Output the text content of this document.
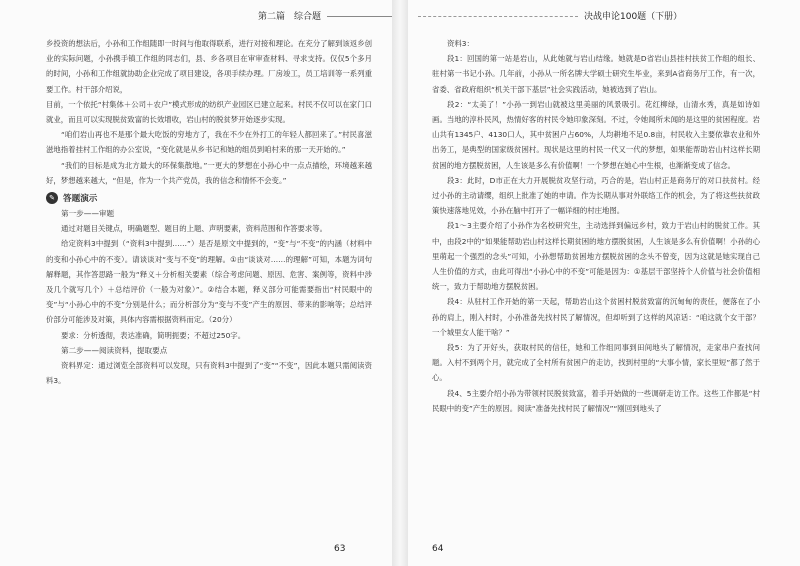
第二篇　综合题

乡投资的想法后，小孙和工作组随即一时间与他取得联系，进行对接和理论。在充分了解到该返乡创业的实际问题，小孙携手镇工作组的同志们，县、乡各项目在审审查材料、寻求支持。仅仅5个多月的时间，小孙和工作组就协助企业完成了项目建设，各项手续办理。厂房竣工，员工培训等一系列重要工作。村干部介绍说，

目前，一个依托“村集体＋公司＋农户”模式形成的纺织产业园区已建立起来。村民不仅可以在家门口就业，而且可以实现脱贫致富的长效增收，岩山村的脱贫梦开始逐步实现。

“咱们岩山再也不是那个最大吃饭的穷地方了，我在不少在外打工的年轻人都回来了。”村民喜滋滋地指着挂村工作组的办公室说，“变化就是从乡书记和她的组员到咱村来的那一天开始的。”

“我们的目标是成为北方最大的环保集散地。”一更大的梦想在小孙心中一点点描绘，环境越来越好，梦想越来越大，“但是，作为一个共产党员，我的信念和情怀不会变。”

✎ 答题演示

第一步——审题

通过对题目关键点，明确题型、题目的上题、声明要素，资料范围和作答要求等。

给定资料3中提到（“资料3中提到……”）是否是原文中提到的，“变”与“不变”的内涵（材料中的变和小孙心中的不变）。请谈谈对“变与不变”的理解。①由“谈谈对……的理解”可知，本题为词句解释题，其作答思路一般为“释义＋分析相关要素（综合考虑问题、原因、危害、案例等，资料中涉及几个就写几个）＋总结评价（一般为对象）”。②结合本题，释义部分可能需要指出“村民眼中的变”与“小孙心中的不变”分别是什么；而分析部分为“变与不变”产生的原因、带来的影响等；总结评价部分可能涉及对策，具体内容需根据资料而定。（20分）

要求：分析透彻，表达准确，简明扼要；不超过250字。

第二步——阅读资料，提取要点

资料界定：通过浏览全部资料可以发现，只有资料3中提到了“变”“不变”，因此本题只需阅读资料3。

63
决战申论100题（下册）

资料3：

段1：回国的第一站是岩山，从此她就与岩山结缘。她就是D省岩山县挂村扶贫工作组的组长、驻村第一书记小孙。几年前，小孙从一所名牌大学硕士研究生毕业，来到A省商务厅工作，有一次，省委、省政府组织“机关干部下基层”社会实践活动，她被选到了岩山。

段2：“太美了！”小孙一到岩山就被这里美丽的风景吸引。花红柳绿，山清水秀，真是如诗如画。当地的淳朴民风，热情好客的村民令她印象深刻。不过，令她闻所未闻的是这里的贫困程度。岩山共有1345户、4130口人，其中贫困户占60%，人均耕地不足0.8亩，村民收入主要依靠农业和外出务工，是典型的国家级贫困村。现状是这里的村民一代又一代的梦想，如果能帮助岩山村这样长期贫困的地方摆脱贫困，人生该是多么有价值啊！一个梦想在她心中生根，也渐渐变成了信念。

段3：此时，D市正在大力开展脱贫攻坚行动，巧合的是，岩山村正是商务厅的对口扶贫村。经过小孙的主动请缨，组织上批准了她的申请。作为长期从事对外联络工作的机会，为了将这些扶贫政策快速落地见效，小孙在脑中打开了一幅详细的村庄地图。

段1～3主要介绍了小孙作为名校研究生，主动选择到偏远乡村，致力于岩山村的脱贫工作。其中，由段2中的“如果能帮助岩山村这样长期贫困的地方摆脱贫困，人生该是多么有价值啊！小孙的心里萌起一个强烈的念头”可知，小孙想帮助贫困地方摆脱贫困的念头不曾变，因为这就是她实现自己人生价值的方式，由此可得出“小孙心中的不变”可能是因为：①基层干部坚持个人价值与社会价值相统一，致力于帮助地方摆脱贫困。

段4：从驻村工作开始的第一天起，帮助岩山这个贫困村脱贫致富的沉甸甸的责任，便落在了小孙的肩上，刚入村时，小孙准备先找村民了解情况，但却听到了这样的风凉话：“咱这就个女干部？一个城里女人能干啥？”

段5：为了开好头，获取村民的信任，她和工作组同事到田间地头了解情况，走家串户查找问题。入村不到两个月，就完成了全村所有贫困户的走访，找到村里的“大事小情，家长里短”都了然于心。

段4、5主要介绍小孙为带领村民脱贫致富，着手开始做的一些调研走访工作。这些工作都是“村民眼中的变”产生的原因。阅读“准备先找村民了解情况”“刚回到地头了

64
